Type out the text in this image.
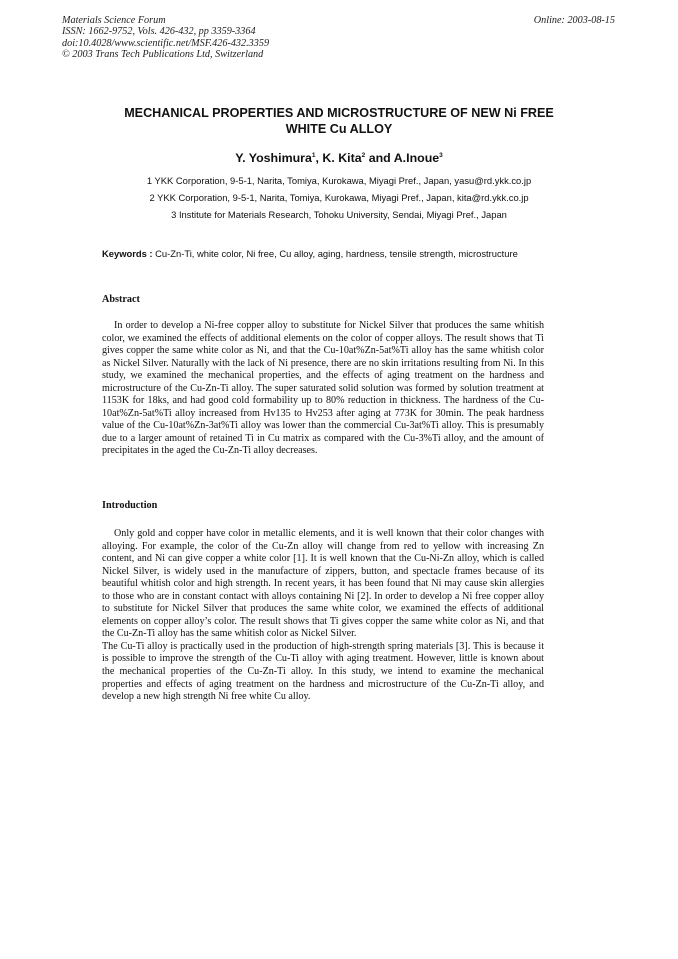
Materials Science Forum
ISSN: 1662-9752, Vols. 426-432, pp 3359-3364
doi:10.4028/www.scientific.net/MSF.426-432.3359
© 2003 Trans Tech Publications Ltd, Switzerland
Online: 2003-08-15
MECHANICAL PROPERTIES AND MICROSTRUCTURE OF NEW Ni FREE
WHITE Cu ALLOY
Y. Yoshimura$^1$, K. Kita$^2$ and A.Inoue$^3$
1 YKK Corporation, 9-5-1, Narita, Tomiya, Kurokawa, Miyagi Pref., Japan, yasu@rd.ykk.co.jp
2 YKK Corporation, 9-5-1, Narita, Tomiya, Kurokawa, Miyagi Pref., Japan, kita@rd.ykk.co.jp
3 Institute for Materials Research, Tohoku University, Sendai, Miyagi Pref., Japan
Keywords : Cu-Zn-Ti, white color, Ni free, Cu alloy, aging, hardness, tensile strength, microstructure
Abstract

In order to develop a Ni-free copper alloy to substitute for Nickel Silver that produces the same whitish color, we examined the effects of additional elements on the color of copper alloys. The result shows that Ti gives copper the same white color as Ni, and that the Cu-10at%Zn-5at%Ti alloy has the same whitish color as Nickel Silver. Naturally with the lack of Ni presence, there are no skin irritations resulting from Ni. In this study, we examined the mechanical properties, and the effects of aging treatment on the hardness and microstructure of the Cu-Zn-Ti alloy. The super saturated solid solution was formed by solution treatment at 1153K for 18ks, and had good cold formability up to 80% reduction in thickness. The hardness of the Cu-10at%Zn-5at%Ti alloy increased from Hv135 to Hv253 after aging at 773K for 30min. The peak hardness value of the Cu-10at%Zn-3at%Ti alloy was lower than the commercial Cu-3at%Ti alloy. This is presumably due to a larger amount of retained Ti in Cu matrix as compared with the Cu-3%Ti alloy, and the amount of precipitates in the aged the Cu-Zn-Ti alloy decreases.

Introduction

Only gold and copper have color in metallic elements, and it is well known that their color changes with alloying. For example, the color of the Cu-Zn alloy will change from red to yellow with increasing Zn content, and Ni can give copper a white color [1]. It is well known that the Cu-Ni-Zn alloy, which is called Nickel Silver, is widely used in the manufacture of zippers, button, and spectacle frames because of its beautiful whitish color and high strength. In recent years, it has been found that Ni may cause skin allergies to those who are in constant contact with alloys containing Ni [2]. In order to develop a Ni free copper alloy to substitute for Nickel Silver that produces the same white color, we examined the effects of additional elements on copper alloy’s color. The result shows that Ti gives copper the same white color as Ni, and that the Cu-Zn-Ti alloy has the same whitish color as Nickel Silver.

The Cu-Ti alloy is practically used in the production of high-strength spring materials [3]. This is because it is possible to improve the strength of the Cu-Ti alloy with aging treatment. However, little is known about the mechanical properties of the Cu-Zn-Ti alloy. In this study, we intend to examine the mechanical properties and effects of aging treatment on the hardness and microstructure of the Cu-Zn-Ti alloy, and develop a new high strength Ni free white Cu alloy.
